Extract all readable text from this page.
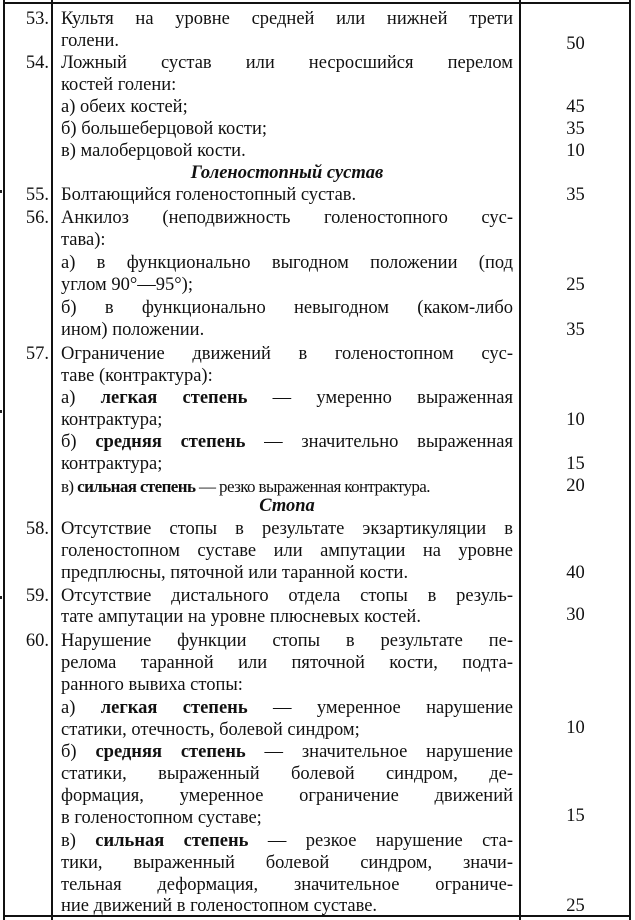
53. Культя на уровне средней или нижней трети
голени.	50
54. Ложный сустав или несросшийся перелом
костей голени:
а) обеих костей;	45
б) большеберцовой кости;	35
в) малоберцовой кости.	10
Голеностопный сустав
55. Болтающийся голеностопный сустав.	35
56. Анкилоз (неподвижность голеностопного сус-
тава):
а) в функционально выгодном положении (под
углом 90°—95°);	25
б) в функционально невыгодном (каком-либо
ином) положении.	35
57. Ограничение движений в голеностопном сус-
таве (контрактура):
а) легкая степень — умеренно выраженная
контрактура;	10
б) средняя степень — значительно выраженная
контрактура;	15
в) сильная степень — резко выраженная контрактура.	20
Стопа
58. Отсутствие стопы в результате экзартикуляции в
голеностопном суставе или ампутации на уровне
предплюсны, пяточной или таранной кости.	40
59. Отсутствие дистального отдела стопы в резуль-
тате ампутации на уровне плюсневых костей.	30
60. Нарушение функции стопы в результате пе-
релома таранной или пяточной кости, подта-
ранного вывиха стопы:
а) легкая степень — умеренное нарушение
статики, отечность, болевой синдром;	10
б) средняя степень — значительное нарушение
статики, выраженный болевой синдром, де-
формация, умеренное ограничение движений
в голеностопном суставе;	15
в) сильная степень — резкое нарушение ста-
тики, выраженный болевой синдром, значи-
тельная деформация, значительное ограниче-
ние движений в голеностопном суставе.	25
